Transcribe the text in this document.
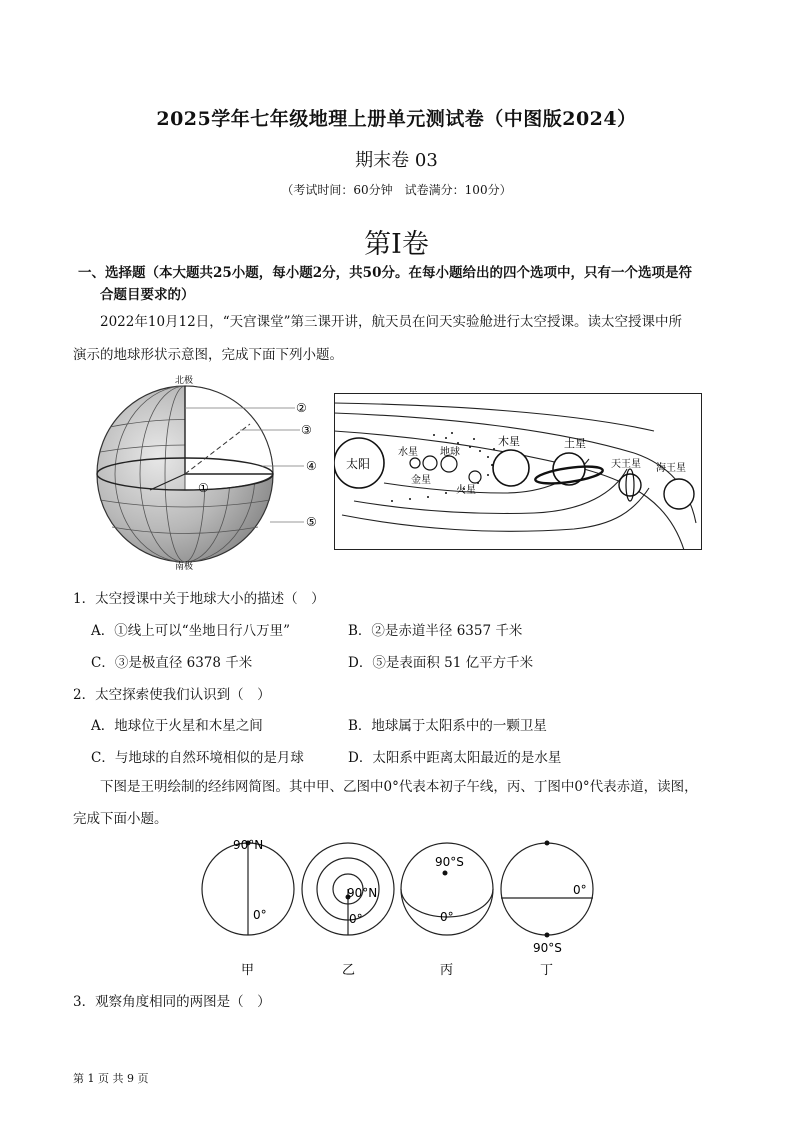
2025学年七年级地理上册单元测试卷（中图版2024）
期末卷 03
（考试时间：60分钟　试卷满分：100分）
第I卷
一、选择题（本大题共25小题，每小题2分，共50分。在每小题给出的四个选项中，只有一个选项是符
合题目要求的）
2022年10月12日，“天宫课堂”第三课开讲，航天员在问天实验舱进行太空授课。读太空授课中所
演示的地球形状示意图，完成下面下列小题。
北极
南极
②
③
④
①
⑤
太阳
水星
金星
地球
火星
木星	土星
天王星 海王星
1．太空授课中关于地球大小的描述（　）
A．①线上可以“坐地日行八万里”	B．②是赤道半径 6357 千米
C．③是极直径 6378 千米	D．⑤是表面积 51 亿平方千米
2．太空探索使我们认识到（　）
A．地球位于火星和木星之间	B．地球属于太阳系中的一颗卫星
C．与地球的自然环境相似的是月球	D．太阳系中距离太阳最近的是水星
下图是王明绘制的经纬网简图。其中甲、乙图中0°代表本初子午线，丙、丁图中0°代表赤道，读图，
完成下面小题。
90°N
0°
90°N
0°
90°S
0°
0°
90°S
甲	乙	丙	丁
3．观察角度相同的两图是（　）
第 1 页 共 9 页
